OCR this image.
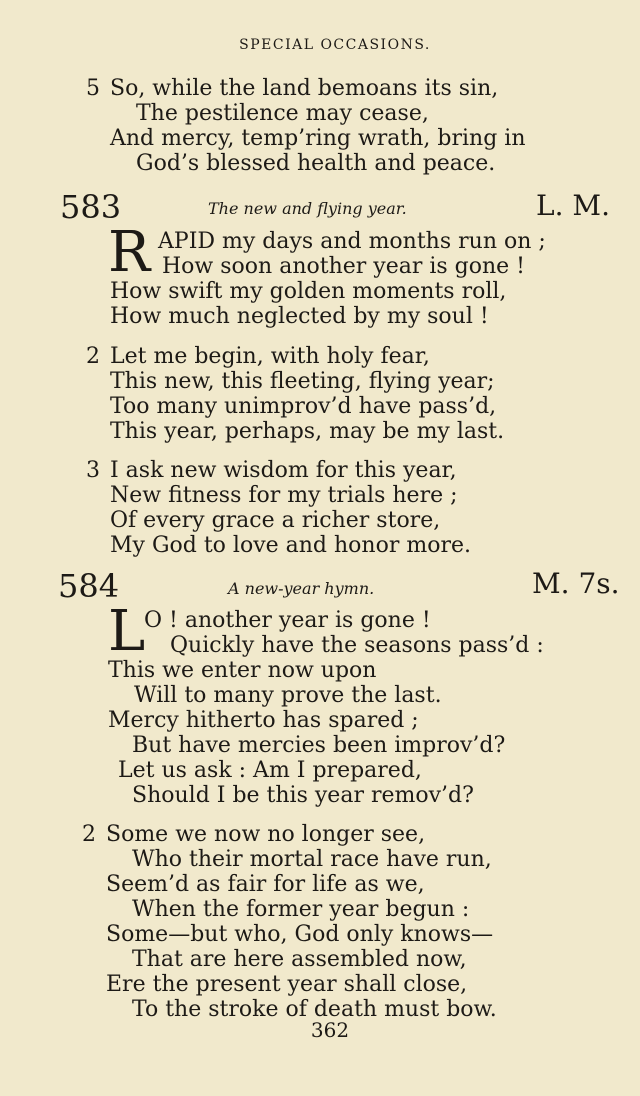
SPECIAL OCCASIONS.
5 So, while the land bemoans its sin,
The pestilence may cease,
And mercy, temp’ring wrath, bring in
God’s blessed health and peace.
583	The new and flying year.	L. M.
R APID my days and months run on ;
How soon another year is gone !
How swift my golden moments roll,
How much neglected by my soul !
2 Let me begin, with holy fear,
This new, this fleeting, flying year;
Too many unimprov’d have pass’d,
This year, perhaps, may be my last.
3 I ask new wisdom for this year,
New fitness for my trials here ;
Of every grace a richer store,
My God to love and honor more.
584	A new-year hymn.	M. 7s.
L
O ! another year is gone !
Quickly have the seasons pass’d :
This we enter now upon
Will to many prove the last.
Mercy hitherto has spared ;
But have mercies been improv’d?
Let us ask : Am I prepared,
Should I be this year remov’d?
2 Some we now no longer see,
Who their mortal race have run,
Seem’d as fair for life as we,
When the former year begun :
Some—but who, God only knows—
That are here assembled now,
Ere the present year shall close,
To the stroke of death must bow.
362
